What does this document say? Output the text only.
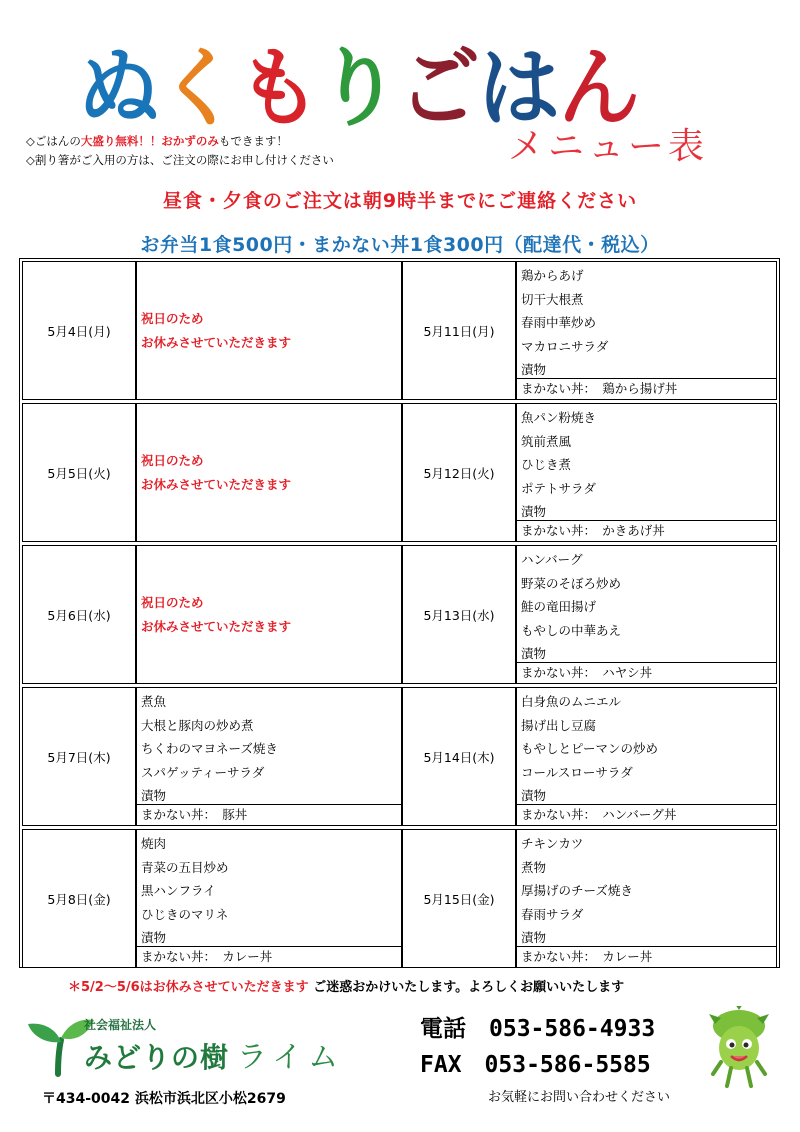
ぬ く も り ご は ん
メニュー表
◇ごはんの大盛り無料！！おかずのみもできます！
◇割り箸がご入用の方は、ご注文の際にお申し付けください
昼食・夕食のご注文は朝9時半までにご連絡ください
お弁当1食500円・まかない丼1食300円（配達代・税込）
5月4日(月)
祝日のため
お休みさせていただきます
5月5日(火)
祝日のため
お休みさせていただきます
5月6日(水)
祝日のため
お休みさせていただきます
5月7日(木)
煮魚
大根と豚肉の炒め煮
ちくわのマヨネーズ焼き
スパゲッティーサラダ
漬物
まかない丼：　豚丼
5月8日(金)
焼肉
青菜の五目炒め
黒ハンフライ
ひじきのマリネ
漬物
まかない丼：　カレー丼
5月11日(月)
鶏からあげ
切干大根煮
春雨中華炒め
マカロニサラダ
漬物
まかない丼：　鶏から揚げ丼
5月12日(火)
魚パン粉焼き
筑前煮風
ひじき煮
ポテトサラダ
漬物
まかない丼：　かきあげ丼
5月13日(水)
ハンバーグ
野菜のそぼろ炒め
鮭の竜田揚げ
もやしの中華あえ
漬物
まかない丼：　ハヤシ丼
5月14日(木)
白身魚のムニエル
揚げ出し豆腐
もやしとピーマンの炒め
コールスローサラダ
漬物
まかない丼：　ハンバーグ丼
5月15日(金)
チキンカツ
煮物
厚揚げのチーズ焼き
春雨サラダ
漬物
まかない丼：　カレー丼
＊5/2～5/6はお休みさせていただきます ご迷惑おかけいたします。よろしくお願いいたします
社会福祉法人
みどりの樹 ライム
電話　053-586-4933
FAX　053-586-5585
〒434-0042 浜松市浜北区小松2679	お気軽にお問い合わせください
